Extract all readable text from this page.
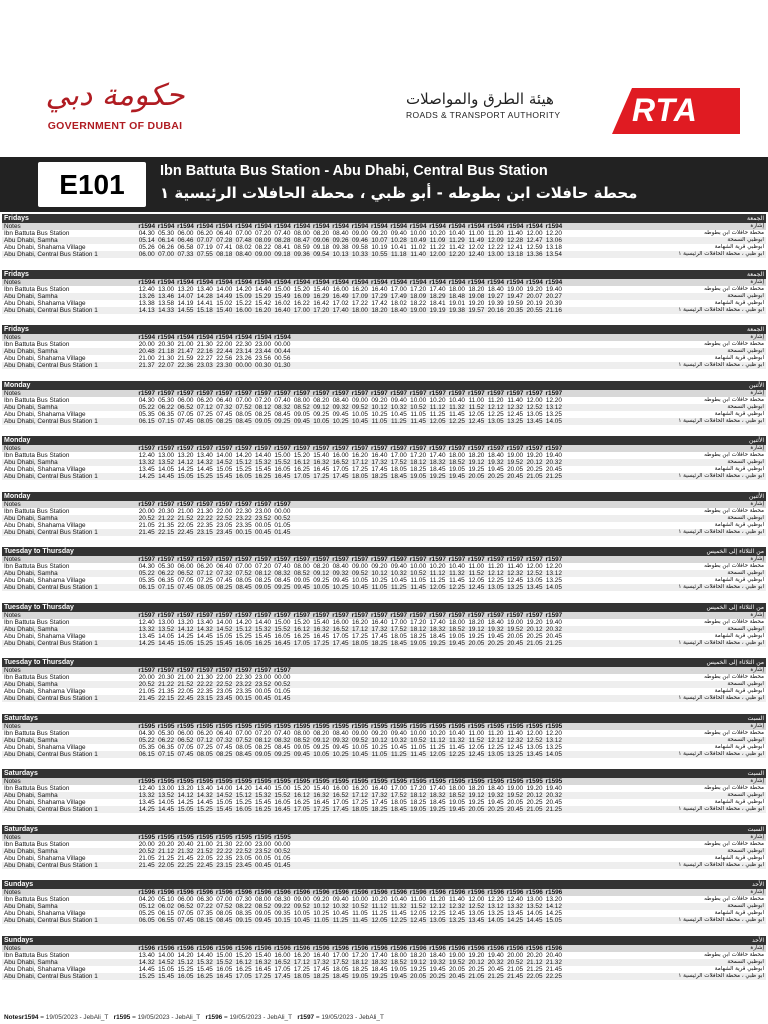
حكومة دبي
GOVERNMENT OF DUBAI
هيئة الطرق والمواصلات
ROADS & TRANSPORT AUTHORITY RTA
E101	Ibn Battuta Bus Station - Abu Dhabi, Central Bus Station
محطة حافلات ابن بطوطه - أبو ظبي ، محطة الحافلات الرئيسية ١
Fridays	الجمعة
Notes	r1594 r1594 r1594 r1594 r1594 r1594 r1594 r1594 r1594 r1594 r1594 r1594 r1594 r1594 r1594 r1594 r1594 r1594 r1594 r1594 r1594 r1594	إشارة
Ibn Battuta Bus Station	04.30 05.30 06.00 06.20 06.40 07.00 07.20 07.40 08.00 08.20 08.40 09.00 09.20 09.40 10.00 10.20 10.40 11.00 11.20 11.40 12.00 12.20	محطة حافلات ابن بطوطه
Abu Dhabi, Samha	05.14 06.14 06.46 07.07 07.28 07.48 08.09 08.28 08.47 09.06 09.26 09.46 10.07 10.28 10.49 11.09 11.29 11.49 12.09 12.28 12.47 13.06	أبوظبي السمحة
Abu Dhabi, Shahama Village	05.26 06.26 06.58 07.19 07.41 08.02 08.22 08.41 08.59 09.18 09.38 09.58 10.19 10.41 11.02 11.22 11.42 12.02 12.22 12.41 12.59 13.18	أبوظبي قرية الشهامة
Abu Dhabi, Central Bus Station 1	06.00 07.00 07.33 07.55 08.18 08.40 09.00 09.18 09.36 09.54 10.13 10.33 10.55 11.18 11.40 12.00 12.20 12.40 13.00 13.18 13.36 13.54	أبو ظبي ، محطة الحافلات الرئيسية ١
Fridays	الجمعة
Notes	r1594 r1594 r1594 r1594 r1594 r1594 r1594 r1594 r1594 r1594 r1594 r1594 r1594 r1594 r1594 r1594 r1594 r1594 r1594 r1594 r1594 r1594	إشارة
Ibn Battuta Bus Station	12.40 13.00 13.20 13.40 14.00 14.20 14.40 15.00 15.20 15.40 16.00 16.20 16.40 17.00 17.20 17.40 18.00 18.20 18.40 19.00 19.20 19.40	محطة حافلات ابن بطوطه
Abu Dhabi, Samha	13.26 13.46 14.07 14.28 14.49 15.09 15.29 15.49 16.09 16.29 16.49 17.09 17.29 17.49 18.09 18.29 18.48 19.08 19.27 19.47 20.07 20.27	أبوظبي السمحة
Abu Dhabi, Shahama Village	13.38 13.58 14.19 14.41 15.02 15.22 15.42 16.02 16.22 16.42 17.02 17.22 17.42 18.02 18.22 18.41 19.01 19.20 19.39 19.59 20.19 20.39	أبوظبي قرية الشهامة
Abu Dhabi, Central Bus Station 1	14.13 14.33 14.55 15.18 15.40 16.00 16.20 16.40 17.00 17.20 17.40 18.00 18.20 18.40 19.00 19.19 19.38 19.57 20.16 20.35 20.55 21.16	أبو ظبي ، محطة الحافلات الرئيسية ١
Fridays	الجمعة
Notes	r1594 r1594 r1594 r1594 r1594 r1594 r1594 r1594	إشارة
Ibn Battuta Bus Station	20.00 20.30 21.00 21.30 22.00 22.30 23.00 00.00	محطة حافلات ابن بطوطه
Abu Dhabi, Samha	20.48 21.18 21.47 22.16 22.44 23.14 23.44 00.44	أبوظبي السمحة
Abu Dhabi, Shahama Village	21.00 21.30 21.59 22.27 22.56 23.26 23.56 00.56	أبوظبي قرية الشهامة
Abu Dhabi, Central Bus Station 1	21.37 22.07 22.36 23.03 23.30 00.00 00.30 01.30	أبو ظبي ، محطة الحافلات الرئيسية ١
Monday	الأثنين
Notes	r1597 r1597 r1597 r1597 r1597 r1597 r1597 r1597 r1597 r1597 r1597 r1597 r1597 r1597 r1597 r1597 r1597 r1597 r1597 r1597 r1597 r1597	إشارة
Ibn Battuta Bus Station	04.30 05.30 06.00 06.20 06.40 07.00 07.20 07.40 08.00 08.20 08.40 09.00 09.20 09.40 10.00 10.20 10.40 11.00 11.20 11.40 12.00 12.20	محطة حافلات ابن بطوطه
Abu Dhabi, Samha	05.22 06.22 06.52 07.12 07.32 07.52 08.12 08.32 08.52 09.12 09.32 09.52 10.12 10.32 10.52 11.12 11.32 11.52 12.12 12.32 12.52 13.12	أبوظبي السمحة
Abu Dhabi, Shahama Village	05.35 06.35 07.05 07.25 07.45 08.05 08.25 08.45 09.05 09.25 09.45 10.05 10.25 10.45 11.05 11.25 11.45 12.05 12.25 12.45 13.05 13.25	أبوظبي قرية الشهامة
Abu Dhabi, Central Bus Station 1	06.15 07.15 07.45 08.05 08.25 08.45 09.05 09.25 09.45 10.05 10.25 10.45 11.05 11.25 11.45 12.05 12.25 12.45 13.05 13.25 13.45 14.05	أبو ظبي ، محطة الحافلات الرئيسية ١
Monday	الأثنين
Notes	r1597 r1597 r1597 r1597 r1597 r1597 r1597 r1597 r1597 r1597 r1597 r1597 r1597 r1597 r1597 r1597 r1597 r1597 r1597 r1597 r1597 r1597	إشارة
Ibn Battuta Bus Station	12.40 13.00 13.20 13.40 14.00 14.20 14.40 15.00 15.20 15.40 16.00 16.20 16.40 17.00 17.20 17.40 18.00 18.20 18.40 19.00 19.20 19.40	محطة حافلات ابن بطوطه
Abu Dhabi, Samha	13.32 13.52 14.12 14.32 14.52 15.12 15.32 15.52 16.12 16.32 16.52 17.12 17.32 17.52 18.12 18.32 18.52 19.12 19.32 19.52 20.12 20.32	أبوظبي السمحة
Abu Dhabi, Shahama Village	13.45 14.05 14.25 14.45 15.05 15.25 15.45 16.05 16.25 16.45 17.05 17.25 17.45 18.05 18.25 18.45 19.05 19.25 19.45 20.05 20.25 20.45	أبوظبي قرية الشهامة
Abu Dhabi, Central Bus Station 1	14.25 14.45 15.05 15.25 15.45 16.05 16.25 16.45 17.05 17.25 17.45 18.05 18.25 18.45 19.05 19.25 19.45 20.05 20.25 20.45 21.05 21.25	أبو ظبي ، محطة الحافلات الرئيسية ١
Monday	الأثنين
Notes	r1597 r1597 r1597 r1597 r1597 r1597 r1597 r1597	إشارة
Ibn Battuta Bus Station	20.00 20.30 21.00 21.30 22.00 22.30 23.00 00.00	محطة حافلات ابن بطوطه
Abu Dhabi, Samha	20.52 21.22 21.52 22.22 22.52 23.22 23.52 00.52	أبوظبي السمحة
Abu Dhabi, Shahama Village	21.05 21.35 22.05 22.35 23.05 23.35 00.05 01.05	أبوظبي قرية الشهامة
Abu Dhabi, Central Bus Station 1	21.45 22.15 22.45 23.15 23.45 00.15 00.45 01.45	أبو ظبي ، محطة الحافلات الرئيسية ١
Tuesday to Thursday	من الثلاثاء إلى الخميس
Notes	r1597 r1597 r1597 r1597 r1597 r1597 r1597 r1597 r1597 r1597 r1597 r1597 r1597 r1597 r1597 r1597 r1597 r1597 r1597 r1597 r1597 r1597	إشارة
Ibn Battuta Bus Station	04.30 05.30 06.00 06.20 06.40 07.00 07.20 07.40 08.00 08.20 08.40 09.00 09.20 09.40 10.00 10.20 10.40 11.00 11.20 11.40 12.00 12.20	محطة حافلات ابن بطوطه
Abu Dhabi, Samha	05.22 06.22 06.52 07.12 07.32 07.52 08.12 08.32 08.52 09.12 09.32 09.52 10.12 10.32 10.52 11.12 11.32 11.52 12.12 12.32 12.52 13.12	أبوظبي السمحة
Abu Dhabi, Shahama Village	05.35 06.35 07.05 07.25 07.45 08.05 08.25 08.45 09.05 09.25 09.45 10.05 10.25 10.45 11.05 11.25 11.45 12.05 12.25 12.45 13.05 13.25	أبوظبي قرية الشهامة
Abu Dhabi, Central Bus Station 1	06.15 07.15 07.45 08.05 08.25 08.45 09.05 09.25 09.45 10.05 10.25 10.45 11.05 11.25 11.45 12.05 12.25 12.45 13.05 13.25 13.45 14.05	أبو ظبي ، محطة الحافلات الرئيسية ١
Tuesday to Thursday	من الثلاثاء إلى الخميس
Notes	r1597 r1597 r1597 r1597 r1597 r1597 r1597 r1597 r1597 r1597 r1597 r1597 r1597 r1597 r1597 r1597 r1597 r1597 r1597 r1597 r1597 r1597	إشارة
Ibn Battuta Bus Station	12.40 13.00 13.20 13.40 14.00 14.20 14.40 15.00 15.20 15.40 16.00 16.20 16.40 17.00 17.20 17.40 18.00 18.20 18.40 19.00 19.20 19.40	محطة حافلات ابن بطوطه
Abu Dhabi, Samha	13.32 13.52 14.12 14.32 14.52 15.12 15.32 15.52 16.12 16.32 16.52 17.12 17.32 17.52 18.12 18.32 18.52 19.12 19.32 19.52 20.12 20.32	أبوظبي السمحة
Abu Dhabi, Shahama Village	13.45 14.05 14.25 14.45 15.05 15.25 15.45 16.05 16.25 16.45 17.05 17.25 17.45 18.05 18.25 18.45 19.05 19.25 19.45 20.05 20.25 20.45	أبوظبي قرية الشهامة
Abu Dhabi, Central Bus Station 1	14.25 14.45 15.05 15.25 15.45 16.05 16.25 16.45 17.05 17.25 17.45 18.05 18.25 18.45 19.05 19.25 19.45 20.05 20.25 20.45 21.05 21.25	أبو ظبي ، محطة الحافلات الرئيسية ١
Tuesday to Thursday	من الثلاثاء إلى الخميس
Notes	r1597 r1597 r1597 r1597 r1597 r1597 r1597 r1597	إشارة
Ibn Battuta Bus Station	20.00 20.30 21.00 21.30 22.00 22.30 23.00 00.00	محطة حافلات ابن بطوطه
Abu Dhabi, Samha	20.52 21.22 21.52 22.22 22.52 23.22 23.52 00.52	أبوظبي السمحة
Abu Dhabi, Shahama Village	21.05 21.35 22.05 22.35 23.05 23.35 00.05 01.05	أبوظبي قرية الشهامة
Abu Dhabi, Central Bus Station 1	21.45 22.15 22.45 23.15 23.45 00.15 00.45 01.45	أبو ظبي ، محطة الحافلات الرئيسية ١
Saturdays	السبت
Notes	r1595 r1595 r1595 r1595 r1595 r1595 r1595 r1595 r1595 r1595 r1595 r1595 r1595 r1595 r1595 r1595 r1595 r1595 r1595 r1595 r1595 r1595	إشارة
Ibn Battuta Bus Station	04.30 05.30 06.00 06.20 06.40 07.00 07.20 07.40 08.00 08.20 08.40 09.00 09.20 09.40 10.00 10.20 10.40 11.00 11.20 11.40 12.00 12.20	محطة حافلات ابن بطوطه
Abu Dhabi, Samha	05.22 06.22 06.52 07.12 07.32 07.52 08.12 08.32 08.52 09.12 09.32 09.52 10.12 10.32 10.52 11.12 11.32 11.52 12.12 12.32 12.52 13.12	أبوظبي السمحة
Abu Dhabi, Shahama Village	05.35 06.35 07.05 07.25 07.45 08.05 08.25 08.45 09.05 09.25 09.45 10.05 10.25 10.45 11.05 11.25 11.45 12.05 12.25 12.45 13.05 13.25	أبوظبي قرية الشهامة
Abu Dhabi, Central Bus Station 1	06.15 07.15 07.45 08.05 08.25 08.45 09.05 09.25 09.45 10.05 10.25 10.45 11.05 11.25 11.45 12.05 12.25 12.45 13.05 13.25 13.45 14.05	أبو ظبي ، محطة الحافلات الرئيسية ١
Saturdays	السبت
Notes	r1595 r1595 r1595 r1595 r1595 r1595 r1595 r1595 r1595 r1595 r1595 r1595 r1595 r1595 r1595 r1595 r1595 r1595 r1595 r1595 r1595 r1595	إشارة
Ibn Battuta Bus Station	12.40 13.00 13.20 13.40 14.00 14.20 14.40 15.00 15.20 15.40 16.00 16.20 16.40 17.00 17.20 17.40 18.00 18.20 18.40 19.00 19.20 19.40	محطة حافلات ابن بطوطه
Abu Dhabi, Samha	13.32 13.52 14.12 14.32 14.52 15.12 15.32 15.52 16.12 16.32 16.52 17.12 17.32 17.52 18.12 18.32 18.52 19.12 19.32 19.52 20.12 20.32	أبوظبي السمحة
Abu Dhabi, Shahama Village	13.45 14.05 14.25 14.45 15.05 15.25 15.45 16.05 16.25 16.45 17.05 17.25 17.45 18.05 18.25 18.45 19.05 19.25 19.45 20.05 20.25 20.45	أبوظبي قرية الشهامة
Abu Dhabi, Central Bus Station 1	14.25 14.45 15.05 15.25 15.45 16.05 16.25 16.45 17.05 17.25 17.45 18.05 18.25 18.45 19.05 19.25 19.45 20.05 20.25 20.45 21.05 21.25	أبو ظبي ، محطة الحافلات الرئيسية ١
Saturdays	السبت
Notes	r1595 r1595 r1595 r1595 r1595 r1595 r1595 r1595	إشارة
Ibn Battuta Bus Station	20.00 20.20 20.40 21.00 21.30 22.00 23.00 00.00	محطة حافلات ابن بطوطه
Abu Dhabi, Samha	20.52 21.12 21.32 21.52 22.22 22.52 23.52 00.52	أبوظبي السمحة
Abu Dhabi, Shahama Village	21.05 21.25 21.45 22.05 22.35 23.05 00.05 01.05	أبوظبي قرية الشهامة
Abu Dhabi, Central Bus Station 1	21.45 22.05 22.25 22.45 23.15 23.45 00.45 01.45	أبو ظبي ، محطة الحافلات الرئيسية ١
Sundays	الأحد
Notes	r1596 r1596 r1596 r1596 r1596 r1596 r1596 r1596 r1596 r1596 r1596 r1596 r1596 r1596 r1596 r1596 r1596 r1596 r1596 r1596 r1596 r1596	إشارة
Ibn Battuta Bus Station	04.20 05.10 06.00 06.30 07.00 07.30 08.00 08.30 09.00 09.20 09.40 10.00 10.20 10.40 11.00 11.20 11.40 12.00 12.20 12.40 13.00 13.20	محطة حافلات ابن بطوطه
Abu Dhabi, Samha	05.12 06.02 06.52 07.22 07.52 08.22 08.52 09.22 09.52 10.12 10.32 10.52 11.12 11.32 11.52 12.12 12.32 12.52 13.12 13.32 13.52 14.12	أبوظبي السمحة
Abu Dhabi, Shahama Village	05.25 06.15 07.05 07.35 08.05 08.35 09.05 09.35 10.05 10.25 10.45 11.05 11.25 11.45 12.05 12.25 12.45 13.05 13.25 13.45 14.05 14.25	أبوظبي قرية الشهامة
Abu Dhabi, Central Bus Station 1	06.05 06.55 07.45 08.15 08.45 09.15 09.45 10.15 10.45 11.05 11.25 11.45 12.05 12.25 12.45 13.05 13.25 13.45 14.05 14.25 14.45 15.05	أبو ظبي ، محطة الحافلات الرئيسية ١
Sundays	الأحد
Notes	r1596 r1596 r1596 r1596 r1596 r1596 r1596 r1596 r1596 r1596 r1596 r1596 r1596 r1596 r1596 r1596 r1596 r1596 r1596 r1596 r1596 r1596	إشارة
Ibn Battuta Bus Station	13.40 14.00 14.20 14.40 15.00 15.20 15.40 16.00 16.20 16.40 17.00 17.20 17.40 18.00 18.20 18.40 19.00 19.20 19.40 20.00 20.20 20.40	محطة حافلات ابن بطوطه
Abu Dhabi, Samha	14.32 14.52 15.12 15.32 15.52 16.12 16.32 16.52 17.12 17.32 17.52 18.12 18.32 18.52 19.12 19.32 19.52 20.12 20.32 20.52 21.12 21.32	أبوظبي السمحة
Abu Dhabi, Shahama Village	14.45 15.05 15.25 15.45 16.05 16.25 16.45 17.05 17.25 17.45 18.05 18.25 18.45 19.05 19.25 19.45 20.05 20.25 20.45 21.05 21.25 21.45	أبوظبي قرية الشهامة
Abu Dhabi, Central Bus Station 1	15.25 15.45 16.05 16.25 16.45 17.05 17.25 17.45 18.05 18.25 18.45 19.05 19.25 19.45 20.05 20.25 20.45 21.05 21.25 21.45 22.05 22.25	أبو ظبي ، محطة الحافلات الرئيسية ١
Notesr1594 = 19/05/2023 - JebAli_T r1595 = 19/05/2023 - JebAli_T r1596 = 19/05/2023 - JebAli_T r1597 = 19/05/2023 - JebAli_T
